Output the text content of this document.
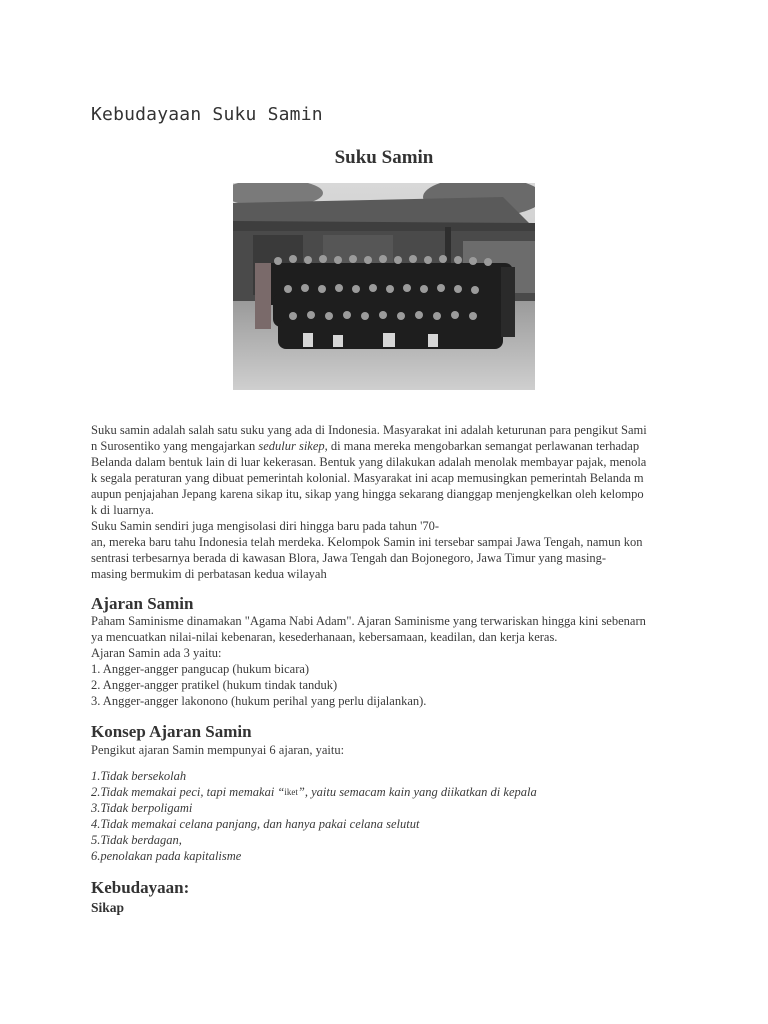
Kebudayaan Suku Samin
Suku Samin
Suku samin adalah salah satu suku yang ada di Indonesia. Masyarakat ini adalah keturunan para pengikut Sami
n Surosentiko yang mengajarkan sedulur sikep, di mana mereka mengobarkan semangat perlawanan terhadap
Belanda dalam bentuk lain di luar kekerasan. Bentuk yang dilakukan adalah menolak membayar pajak, menola
k segala peraturan yang dibuat pemerintah kolonial. Masyarakat ini acap memusingkan pemerintah Belanda m
aupun penjajahan Jepang karena sikap itu, sikap yang hingga sekarang dianggap menjengkelkan oleh kelompo
k di luarnya.
Suku Samin sendiri juga mengisolasi diri hingga baru pada tahun '70-
an, mereka baru tahu Indonesia telah merdeka. Kelompok Samin ini tersebar sampai Jawa Tengah, namun kon
sentrasi terbesarnya berada di kawasan Blora, Jawa Tengah dan Bojonegoro, Jawa Timur yang masing-
masing bermukim di perbatasan kedua wilayah
Ajaran Samin
Paham Saminisme dinamakan "Agama Nabi Adam". Ajaran Saminisme yang terwariskan hingga kini sebenarn
ya mencuatkan nilai-nilai kebenaran, kesederhanaan, kebersamaan, keadilan, dan kerja keras.
Ajaran Samin ada 3 yaitu:
1. Angger-angger pangucap (hukum bicara)
2. Angger-angger pratikel (hukum tindak tanduk)
3. Angger-angger lakonono (hukum perihal yang perlu dijalankan).
Konsep Ajaran Samin
Pengikut ajaran Samin mempunyai 6 ajaran, yaitu:
1.Tidak bersekolah
2.Tidak memakai peci, tapi memakai “iket”, yaitu semacam kain yang diikatkan di kepala
3.Tidak berpoligami
4.Tidak memakai celana panjang, dan hanya pakai celana selutut
5.Tidak berdagan,
6.penolakan pada kapitalisme
Kebudayaan:
Sikap
